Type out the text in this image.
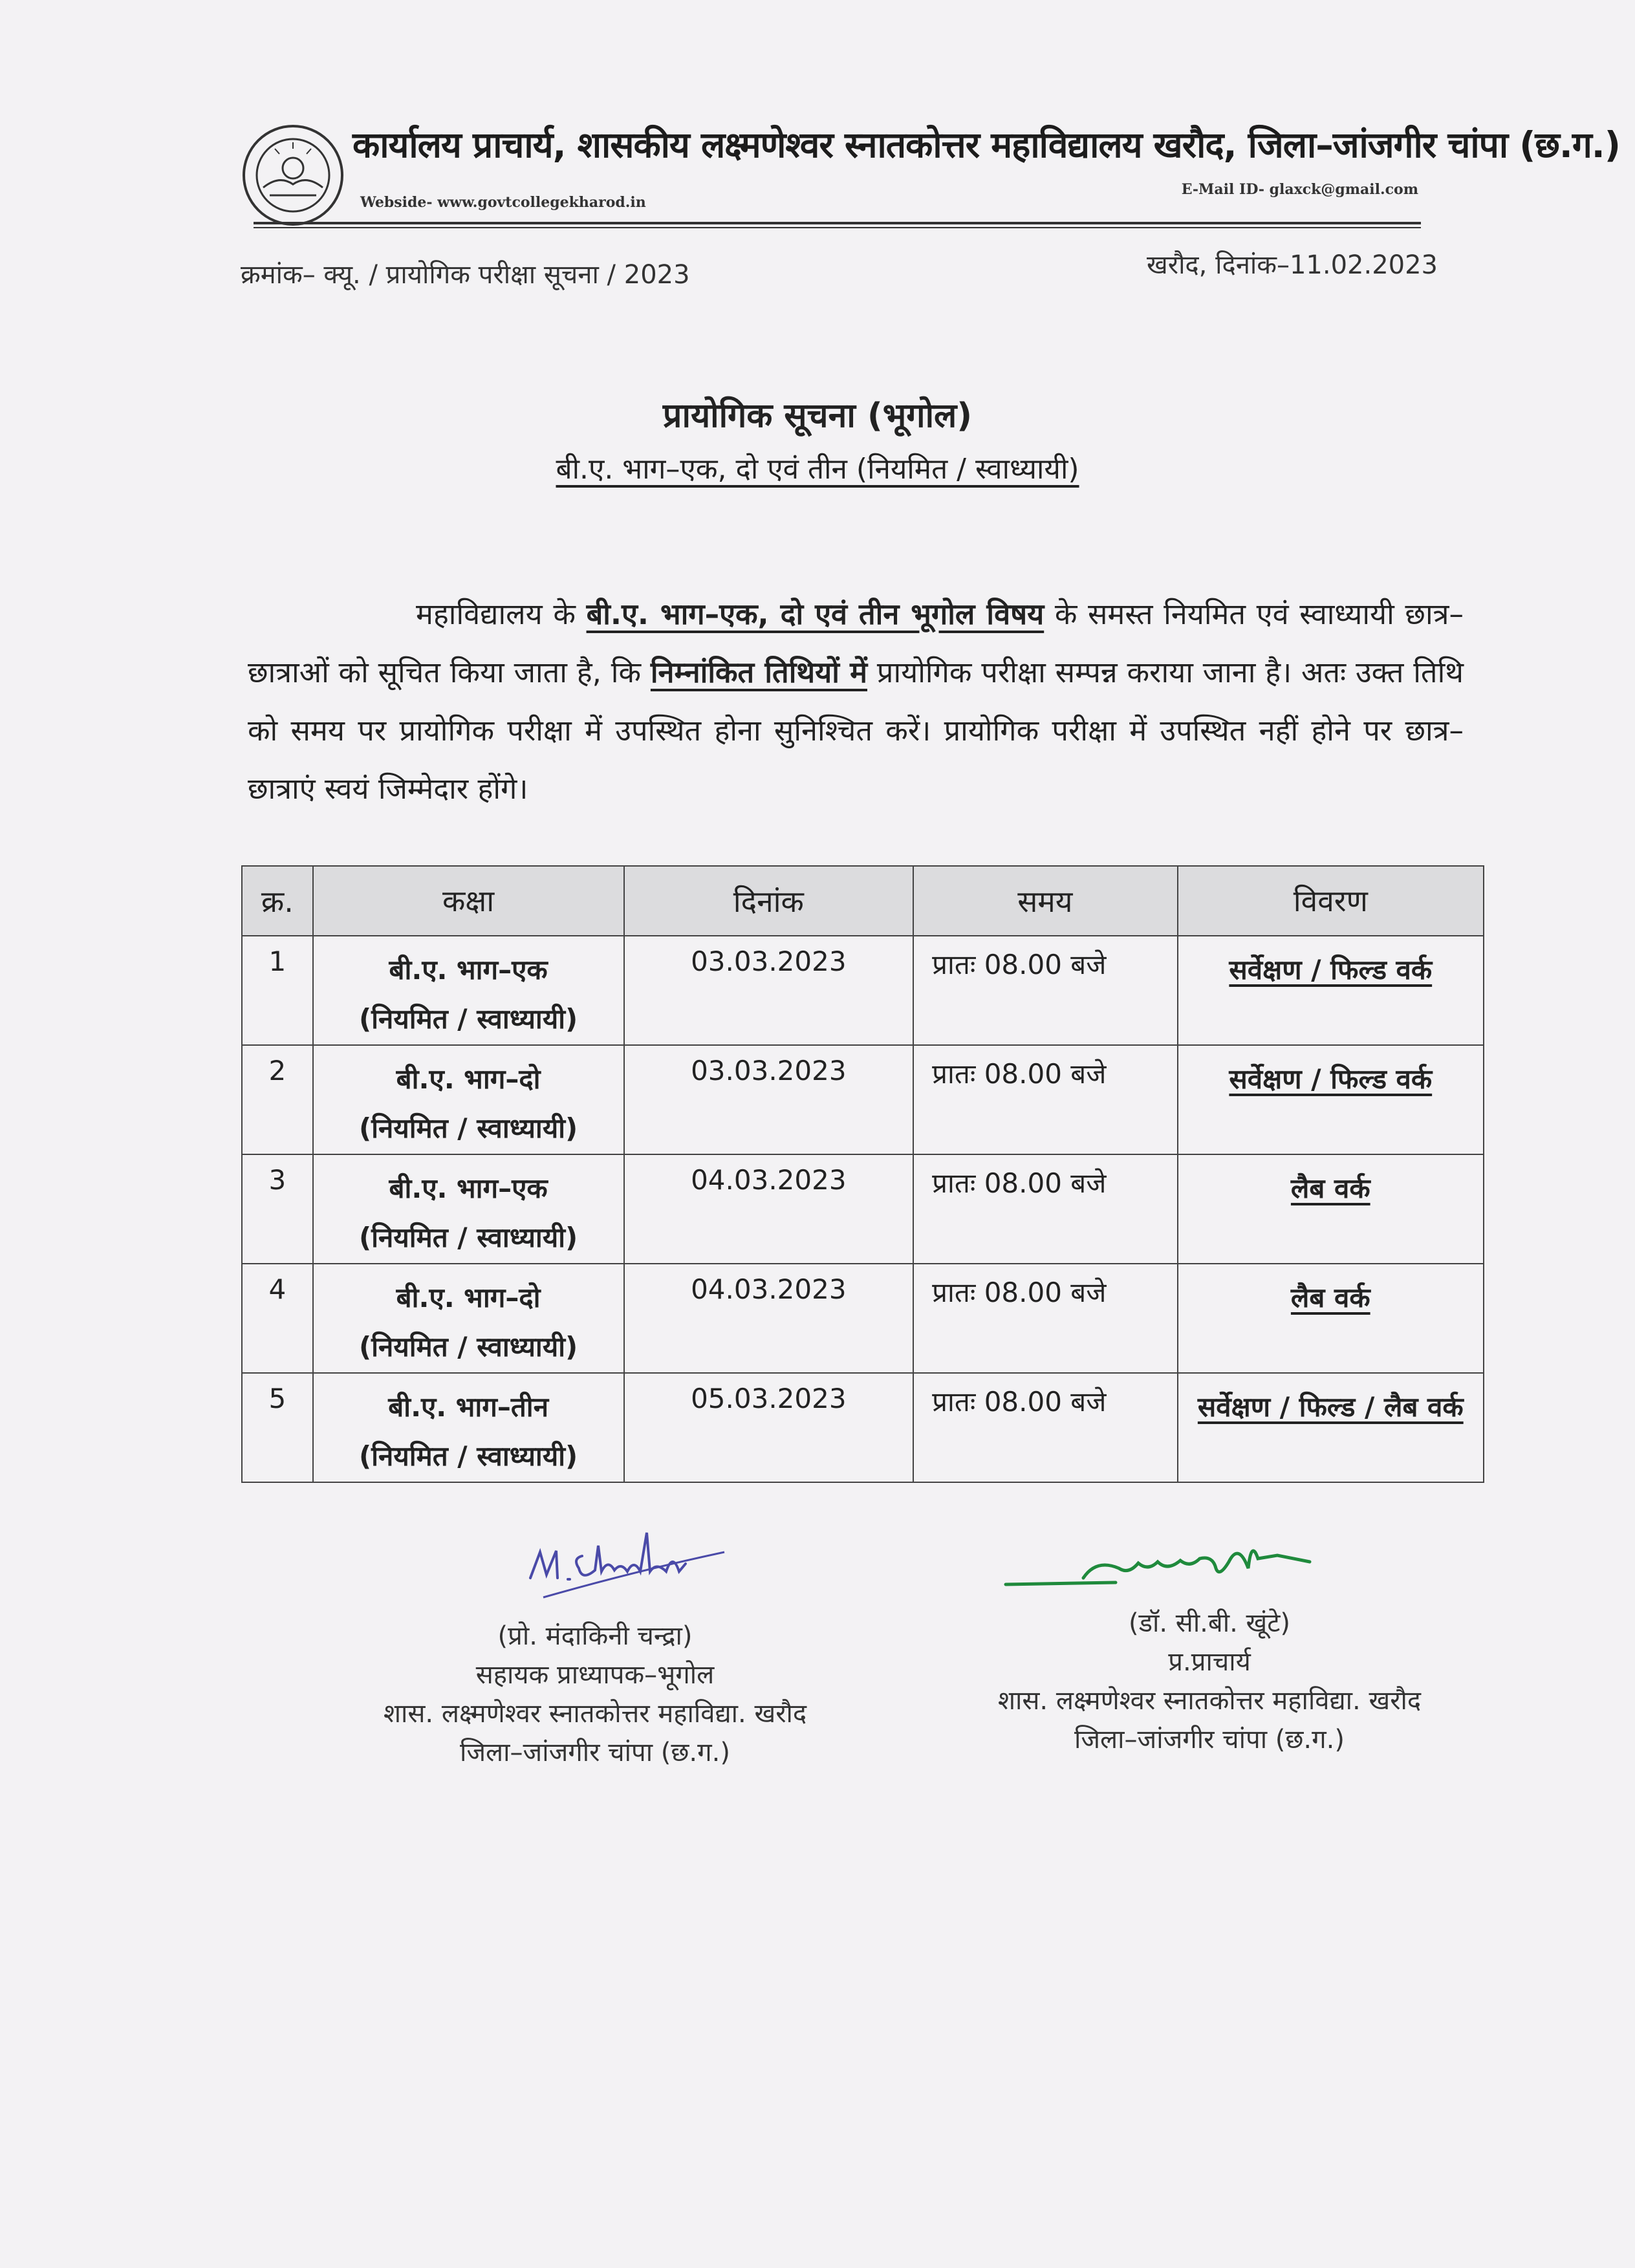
कार्यालय प्राचार्य, शासकीय लक्ष्मणेश्वर स्नातकोत्तर महाविद्यालय खरौद, जिला–जांजगीर चांपा (छ.ग.)
E-Mail ID- glaxck@gmail.com
Webside- www.govtcollegekharod.in
क्रमांक– क्यू. / प्रायोगिक परीक्षा सूचना / 2023	खरौद, दिनांक–11.02.2023
प्रायोगिक सूचना (भूगोल)
बी.ए. भाग–एक, दो एवं तीन (नियमित / स्वाध्यायी)
महाविद्यालय के बी.ए. भाग–एक, दो एवं तीन भूगोल विषय के समस्त नियमित एवं स्वाध्यायी छात्र–छात्राओं को सूचित किया जाता है, कि निम्नांकित तिथियों में प्रायोगिक परीक्षा सम्पन्न कराया जाना है। अतः उक्त तिथि को समय पर प्रायोगिक परीक्षा में उपस्थित होना सुनिश्चित करें। प्रायोगिक परीक्षा में उपस्थित नहीं होने पर छात्र–छात्राएं स्वयं जिम्मेदार होंगे।
क्र.	कक्षा	दिनांक	समय	विवरण
1	बी.ए. भाग–एक
(नियमित / स्वाध्यायी)	03.03.2023	प्रातः 08.00 बजे	सर्वेक्षण / फिल्ड वर्क
2	बी.ए. भाग–दो
(नियमित / स्वाध्यायी)	03.03.2023	प्रातः 08.00 बजे	सर्वेक्षण / फिल्ड वर्क
3	बी.ए. भाग–एक
(नियमित / स्वाध्यायी)	04.03.2023	प्रातः 08.00 बजे	लैब वर्क
4	बी.ए. भाग–दो
(नियमित / स्वाध्यायी)	04.03.2023	प्रातः 08.00 बजे	लैब वर्क
5	बी.ए. भाग–तीन
(नियमित / स्वाध्यायी)	05.03.2023	प्रातः 08.00 बजे	सर्वेक्षण / फिल्ड / लैब वर्क
(प्रो. मंदाकिनी चन्द्रा)
सहायक प्राध्यापक–भूगोल
शास. लक्ष्मणेश्वर स्नातकोत्तर महाविद्या. खरौद
जिला–जांजगीर चांपा (छ.ग.)
(डॉ. सी.बी. खूंटे)
प्र.प्राचार्य
शास. लक्ष्मणेश्वर स्नातकोत्तर महाविद्या. खरौद
जिला–जांजगीर चांपा (छ.ग.)
